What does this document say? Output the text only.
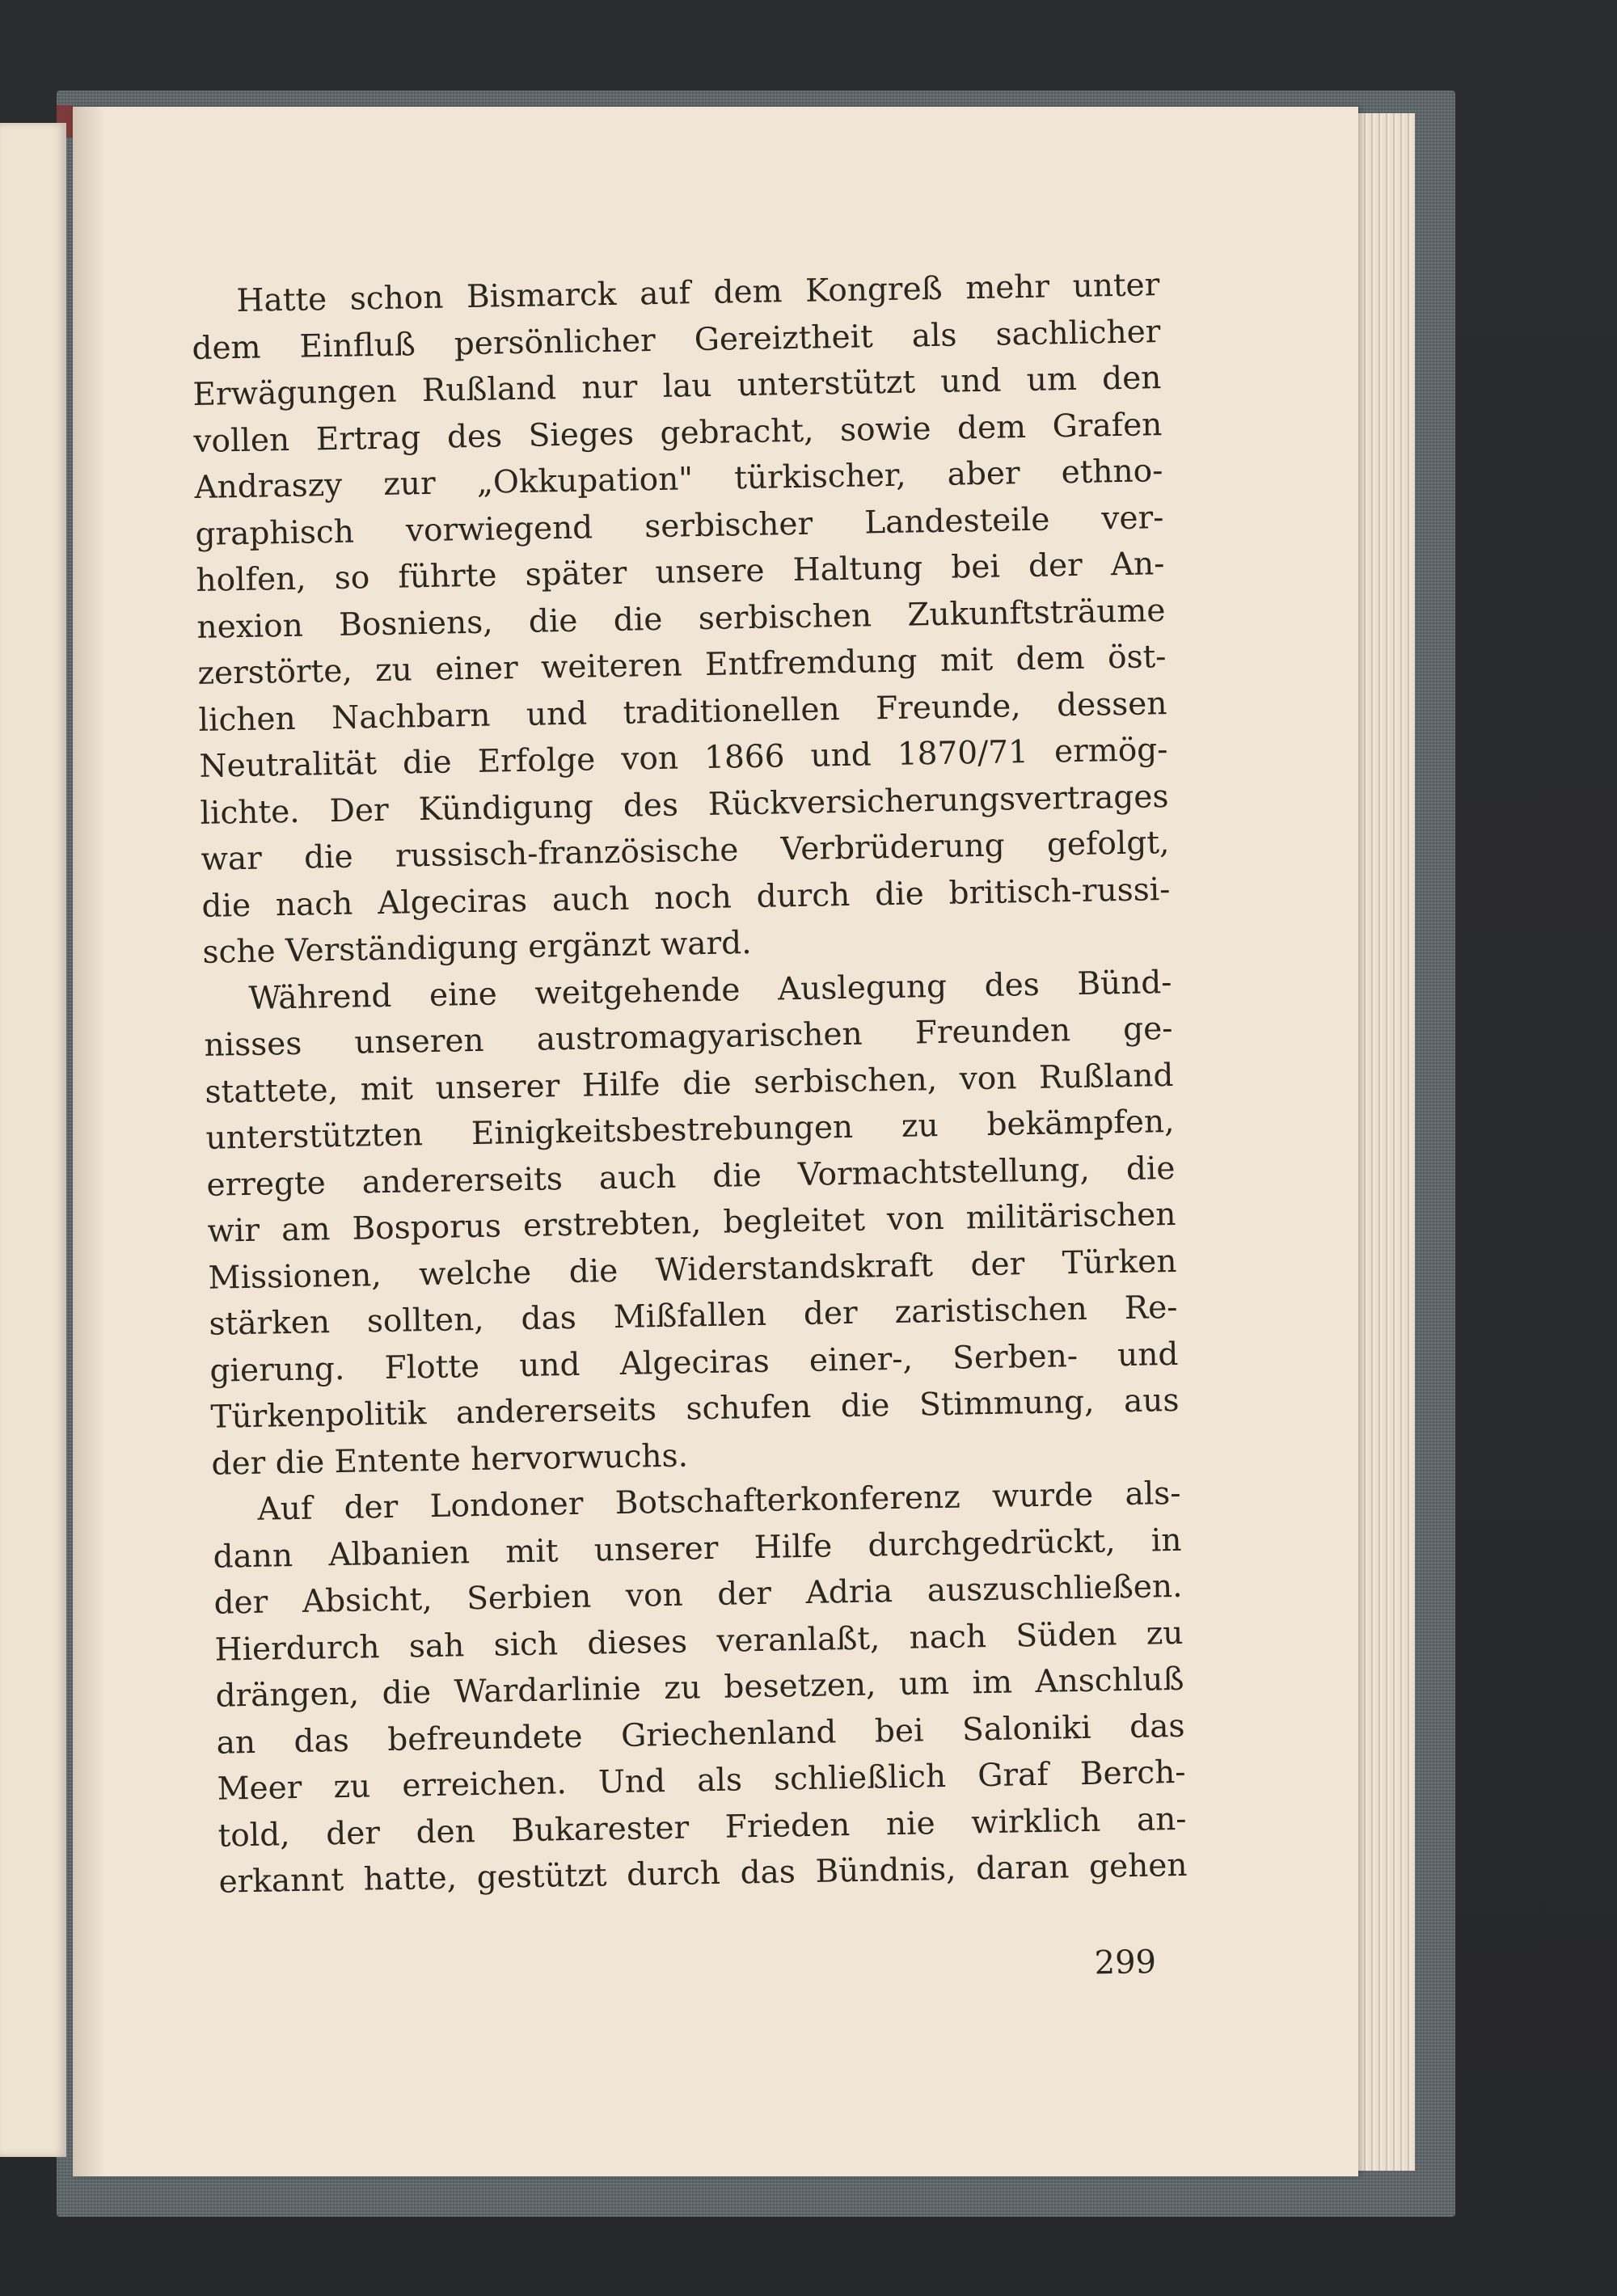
Hatte schon Bismarck auf dem Kongreß mehr unter
dem Einfluß persönlicher Gereiztheit als sachlicher
Erwägungen Rußland nur lau unterstützt und um den
vollen Ertrag des Sieges gebracht, sowie dem Grafen
Andraszy zur „Okkupation" türkischer, aber ethno-
graphisch vorwiegend serbischer Landesteile ver-
holfen, so führte später unsere Haltung bei der An-
nexion Bosniens, die die serbischen Zukunftsträume
zerstörte, zu einer weiteren Entfremdung mit dem öst-
lichen Nachbarn und traditionellen Freunde, dessen
Neutralität die Erfolge von 1866 und 1870/71 ermög-
lichte. Der Kündigung des Rückversicherungsvertrages
war die russisch-französische Verbrüderung gefolgt,
die nach Algeciras auch noch durch die britisch-russi-
sche Verständigung ergänzt ward.
Während eine weitgehende Auslegung des Bünd-
nisses unseren austromagyarischen Freunden ge-
stattete, mit unserer Hilfe die serbischen, von Rußland
unterstützten Einigkeitsbestrebungen zu bekämpfen,
erregte andererseits auch die Vormachtstellung, die
wir am Bosporus erstrebten, begleitet von militärischen
Missionen, welche die Widerstandskraft der Türken
stärken sollten, das Mißfallen der zaristischen Re-
gierung. Flotte und Algeciras einer-, Serben- und
Türkenpolitik andererseits schufen die Stimmung, aus
der die Entente hervorwuchs.
Auf der Londoner Botschafterkonferenz wurde als-
dann Albanien mit unserer Hilfe durchgedrückt, in
der Absicht, Serbien von der Adria auszuschließen.
Hierdurch sah sich dieses veranlaßt, nach Süden zu
drängen, die Wardarlinie zu besetzen, um im Anschluß
an das befreundete Griechenland bei Saloniki das
Meer zu erreichen. Und als schließlich Graf Berch-
told, der den Bukarester Frieden nie wirklich an-
erkannt hatte, gestützt durch das Bündnis, daran gehen
299
